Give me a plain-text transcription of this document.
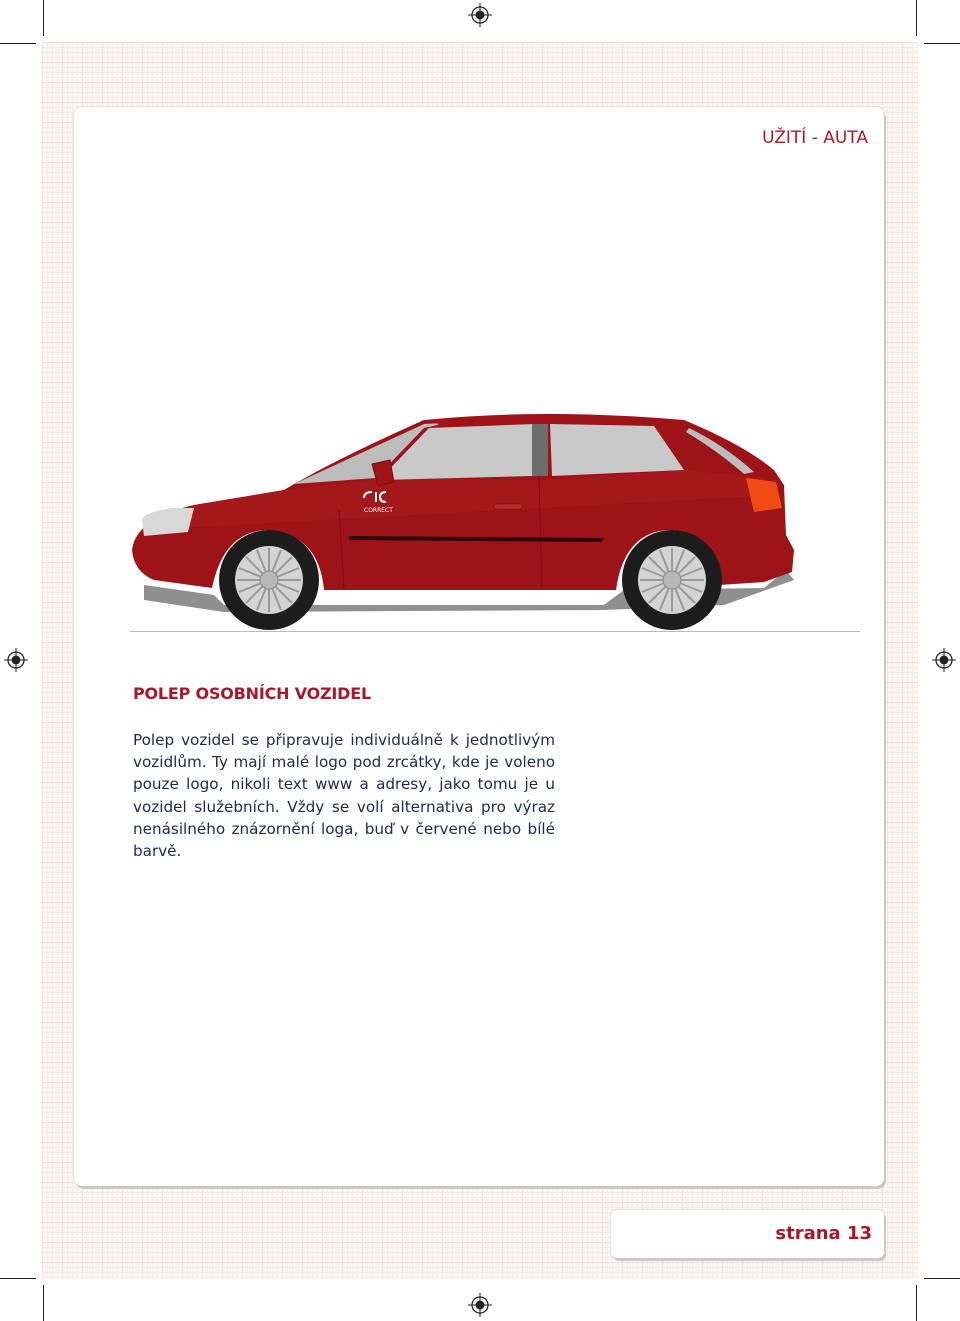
UŽITÍ - AUTA
CORRECT
POLEP OSOBNÍCH VOZIDEL
Polep vozidel se připravuje individuálně k jednotlivým vozidlům. Ty mají malé logo pod zrcátky, kde je voleno pouze logo, nikoli text www a adresy, jako tomu je u vozidel služebních. Vždy se volí alternativa pro výraz nenásilného znázornění loga, buď v červené nebo bílé barvě.
strana 13
